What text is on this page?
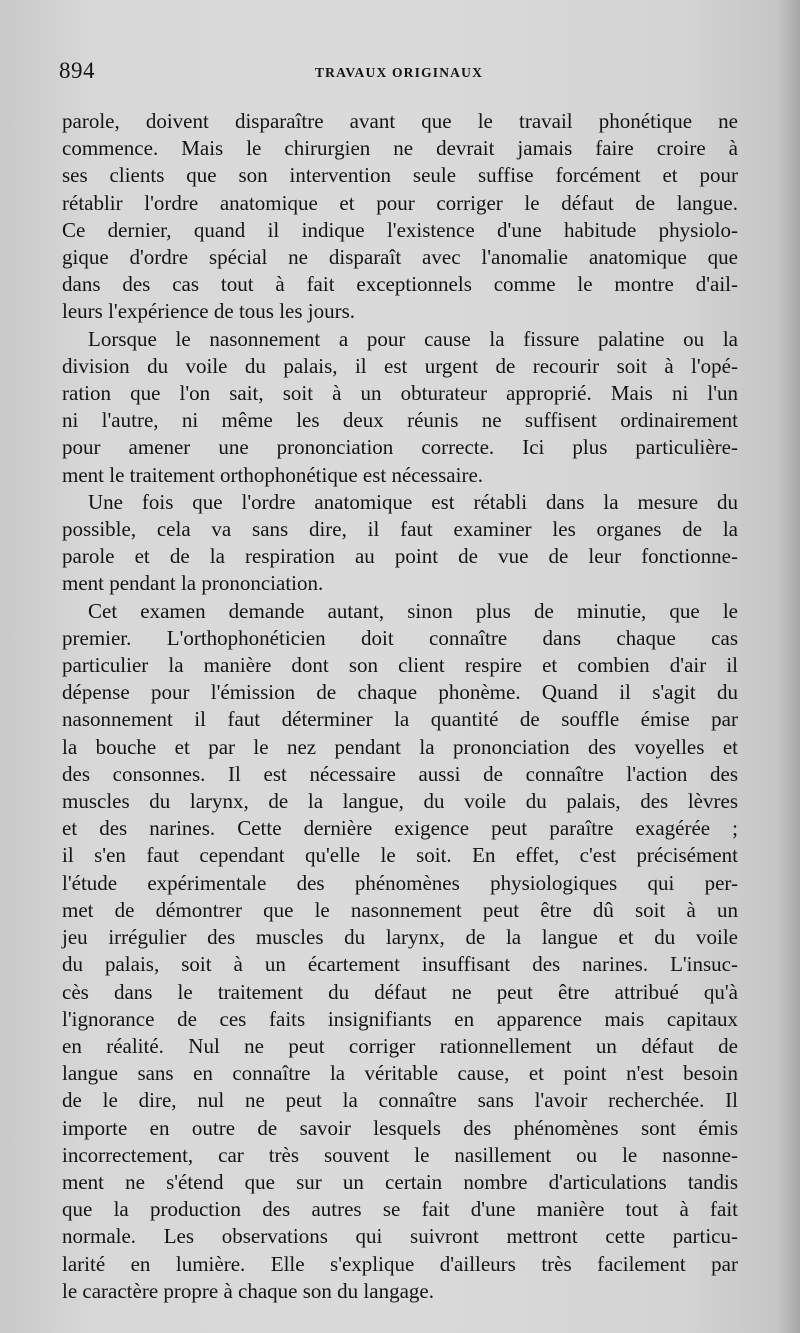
894	TRAVAUX ORIGINAUX
parole, doivent disparaître avant que le travail phonétique ne
commence. Mais le chirurgien ne devrait jamais faire croire à
ses clients que son intervention seule suffise forcément et pour
rétablir l'ordre anatomique et pour corriger le défaut de langue.
Ce dernier, quand il indique l'existence d'une habitude physiolo-
gique d'ordre spécial ne disparaît avec l'anomalie anatomique que
dans des cas tout à fait exceptionnels comme le montre d'ail-
leurs l'expérience de tous les jours.
Lorsque le nasonnement a pour cause la fissure palatine ou la
division du voile du palais, il est urgent de recourir soit à l'opé-
ration que l'on sait, soit à un obturateur approprié. Mais ni l'un
ni l'autre, ni même les deux réunis ne suffisent ordinairement
pour amener une prononciation correcte. Ici plus particulière-
ment le traitement orthophonétique est nécessaire.
Une fois que l'ordre anatomique est rétabli dans la mesure du
possible, cela va sans dire, il faut examiner les organes de la
parole et de la respiration au point de vue de leur fonctionne-
ment pendant la prononciation.
Cet examen demande autant, sinon plus de minutie, que le
premier. L'orthophonéticien doit connaître dans chaque cas
particulier la manière dont son client respire et combien d'air il
dépense pour l'émission de chaque phonème. Quand il s'agit du
nasonnement il faut déterminer la quantité de souffle émise par
la bouche et par le nez pendant la prononciation des voyelles et
des consonnes. Il est nécessaire aussi de connaître l'action des
muscles du larynx, de la langue, du voile du palais, des lèvres
et des narines. Cette dernière exigence peut paraître exagérée ;
il s'en faut cependant qu'elle le soit. En effet, c'est précisément
l'étude expérimentale des phénomènes physiologiques qui per-
met de démontrer que le nasonnement peut être dû soit à un
jeu irrégulier des muscles du larynx, de la langue et du voile
du palais, soit à un écartement insuffisant des narines. L'insuc-
cès dans le traitement du défaut ne peut être attribué qu'à
l'ignorance de ces faits insignifiants en apparence mais capitaux
en réalité. Nul ne peut corriger rationnellement un défaut de
langue sans en connaître la véritable cause, et point n'est besoin
de le dire, nul ne peut la connaître sans l'avoir recherchée. Il
importe en outre de savoir lesquels des phénomènes sont émis
incorrectement, car très souvent le nasillement ou le nasonne-
ment ne s'étend que sur un certain nombre d'articulations tandis
que la production des autres se fait d'une manière tout à fait
normale. Les observations qui suivront mettront cette particu-
larité en lumière. Elle s'explique d'ailleurs très facilement par
le caractère propre à chaque son du langage.
